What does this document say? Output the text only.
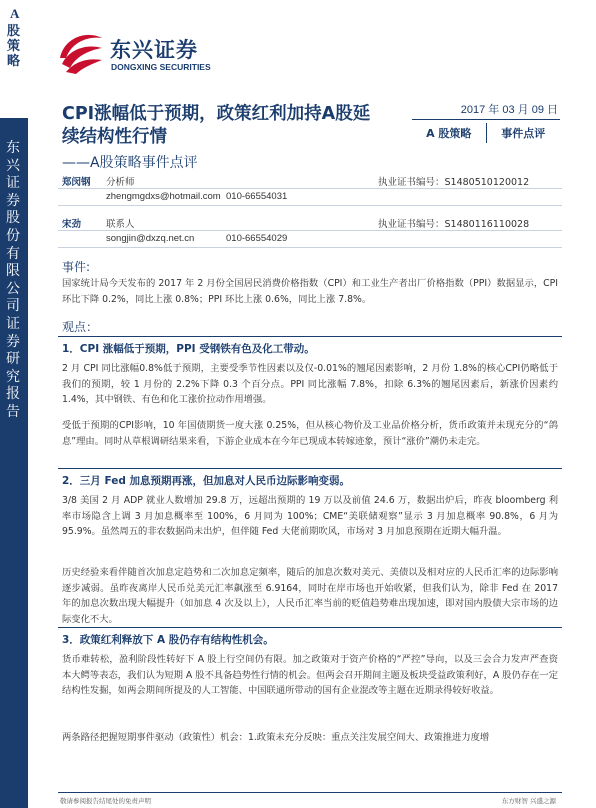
A
股策略
东兴证券股份有限公司证券研究报告
东兴证券
DONGXING SECURITIES
CPI涨幅低于预期，政策红利加持A股延续结构性行情
——A股策略事件点评
2017 年 03 月 09 日
A 股策略	事件点评
郑闵钢 分析师	执业证书编号：S1480510120012
zhengmgdxs@hotmail.com 010-66554031
宋劲	联系人	执业证书编号：S1480116110028
songjin@dxzq.net.cn	010-66554029
事件:
国家统计局今天发布的 2017 年 2 月份全国居民消费价格指数（CPI）和工业生产者出厂价格指数（PPI）数据显示，CPI 环比下降 0.2%，同比上涨 0.8%；PPI 环比上涨 0.6%，同比上涨 7.8%。
观点：
1．CPI 涨幅低于预期，PPI 受钢铁有色及化工带动。
2 月 CPI 同比涨幅0.8%低于预期，主要受季节性因素以及仅-0.01%的翘尾因素影响，2 月份 1.8%的核心CPI仍略低于我们的预期，较 1 月份的 2.2%下降 0.3 个百分点。PPI 同比涨幅 7.8%，扣除 6.3%的翘尾因素后，新涨价因素约 1.4%，其中钢铁、有色和化工涨价拉动作用增强。
受低于预期的CPI影响，10 年国债期货一度大涨 0.25%，但从核心物价及工业品价格分析，货币政策并未现充分的“鸽息”理由。同时从草根调研结果来看，下游企业成本在今年已现成本转嫁迹象，预计“涨价”潮仍未走完。
2．三月 Fed 加息预期再涨，但加息对人民币边际影响变弱。
3/8 美国 2 月 ADP 就业人数增加 29.8 万，远超出预期的 19 万以及前值 24.6 万，数据出炉后，昨夜 bloomberg 利率市场隐含上调 3 月加息概率至 100%，6 月同为 100%；CME“美联储观察”显示 3 月加息概率 90.8%，6 月为 95.9%。虽然周五的非农数据尚未出炉，但伴随 Fed 大佬前期吹风，市场对 3 月加息预期在近期大幅升温。
历史经验来看伴随首次加息定趋势和二次加息定频率，随后的加息次数对美元、美债以及相对应的人民币汇率的边际影响逐步减弱。虽昨夜离岸人民币兑美元汇率飙涨至 6.9164，同时在岸市场也开始收紧，但我们认为，除非 Fed 在 2017 年的加息次数出现大幅提升（如加息 4 次及以上），人民币汇率当前的贬值趋势难出现加速，即对国内股债大宗市场的边际变化不大。
3．政策红利释放下 A 股仍存有结构性机会。
货币难转松，盈利阶段性转好下 A 股上行空间仍有限。加之政策对于资产价格的“严控”导向，以及三会合力发声严查资本大鳄等表态，我们认为短期 A 股不具备趋势性行情的机会。但两会召开期间主题及板块受益政策利好，A 股仍存在一定结构性发掘，如两会期间所提及的人工智能、中国联通所带动的国有企业混改等主题在近期录得较好收益。
两条路径把握短期事件驱动（政策性）机会：1.政策未充分反映：重点关注发展空间大、政策推进力度增
敬请参阅报告结尾处的免责声明	东方财智 兴盛之源
